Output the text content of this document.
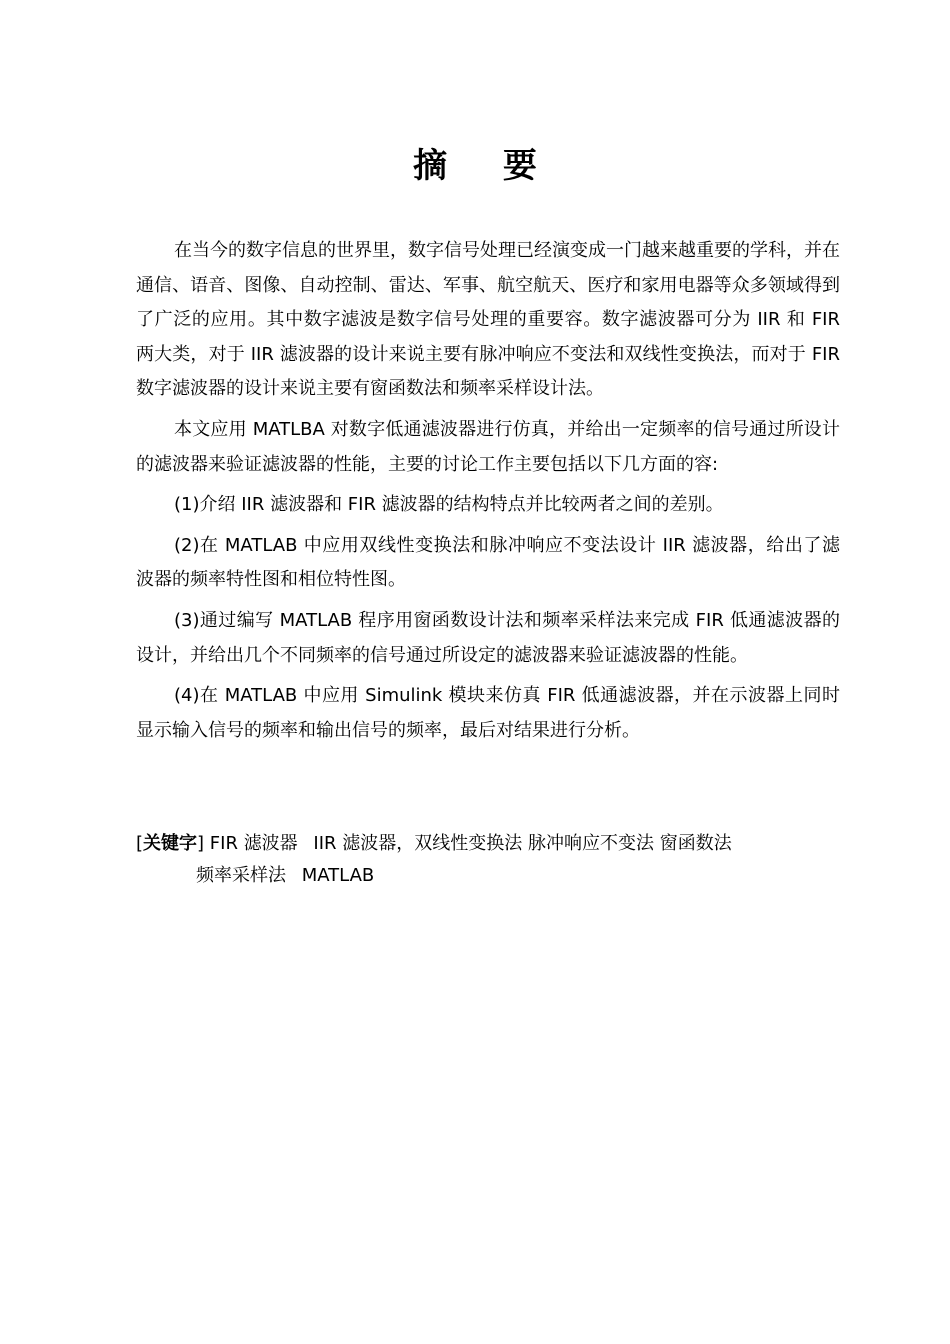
摘 要

在当今的数字信息的世界里，数字信号处理已经演变成一门越来越重要的学科，并在通信、语音、图像、自动控制、雷达、军事、航空航天、医疗和家用电器等众多领域得到了广泛的应用。其中数字滤波是数字信号处理的重要容。数字滤波器可分为 IIR 和 FIR 两大类，对于 IIR 滤波器的设计来说主要有脉冲响应不变法和双线性变换法，而对于 FIR 数字滤波器的设计来说主要有窗函数法和频率采样设计法。

本文应用 MATLBA 对数字低通滤波器进行仿真，并给出一定频率的信号通过所设计的滤波器来验证滤波器的性能，主要的讨论工作主要包括以下几方面的容:

(1)介绍 IIR 滤波器和 FIR 滤波器的结构特点并比较两者之间的差别。

(2)在 MATLAB 中应用双线性变换法和脉冲响应不变法设计 IIR 滤波器，给出了滤波器的频率特性图和相位特性图。

(3)通过编写 MATLAB 程序用窗函数设计法和频率采样法来完成 FIR 低通滤波器的设计，并给出几个不同频率的信号通过所设定的滤波器来验证滤波器的性能。

(4)在 MATLAB 中应用 Simulink 模块来仿真 FIR 低通滤波器，并在示波器上同时显示输入信号的频率和输出信号的频率，最后对结果进行分析。

[关键字] FIR 滤波器 IIR 滤波器，双线性变换法 脉冲响应不变法 窗函数法
频率采样法 MATLAB
